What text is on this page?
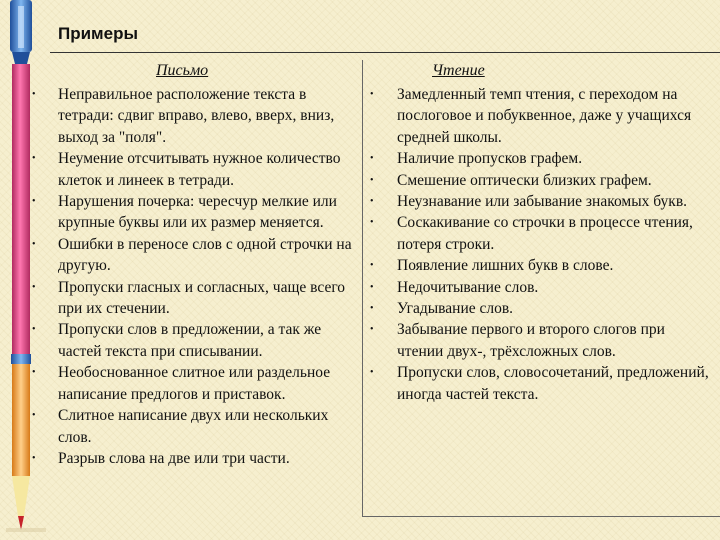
Примеры
Письмо	Чтение
• Неправильное расположение текста в тетради: сдвиг вправо, влево, вверх, вниз, выход за "поля".
• Неумение отсчитывать нужное количество клеток и линеек в тетради.
• Нарушения почерка: чересчур мелкие или крупные буквы или их размер меняется.
• Ошибки в переносе слов с одной строчки на другую.
• Пропуски гласных и согласных, чаще всего при их стечении.
• Пропуски слов в предложении, а так же частей текста при списывании.
• Необоснованное слитное или раздельное написание предлогов и приставок.
• Слитное написание двух или нескольких слов.
• Разрыв слова на две или три части.
• Замедленный темп чтения, с переходом на послоговое и побуквенное, даже у учащихся средней школы.
• Наличие пропусков графем.
• Смешение оптически близких графем.
• Неузнавание или забывание знакомых букв.
• Соскакивание со строчки в процессе чтения, потеря строки.
• Появление лишних букв в слове.
• Недочитывание слов.
• Угадывание слов.
• Забывание первого и второго слогов при чтении двух-, трёхсложных слов.
• Пропуски слов, словосочетаний, предложений, иногда частей текста.
